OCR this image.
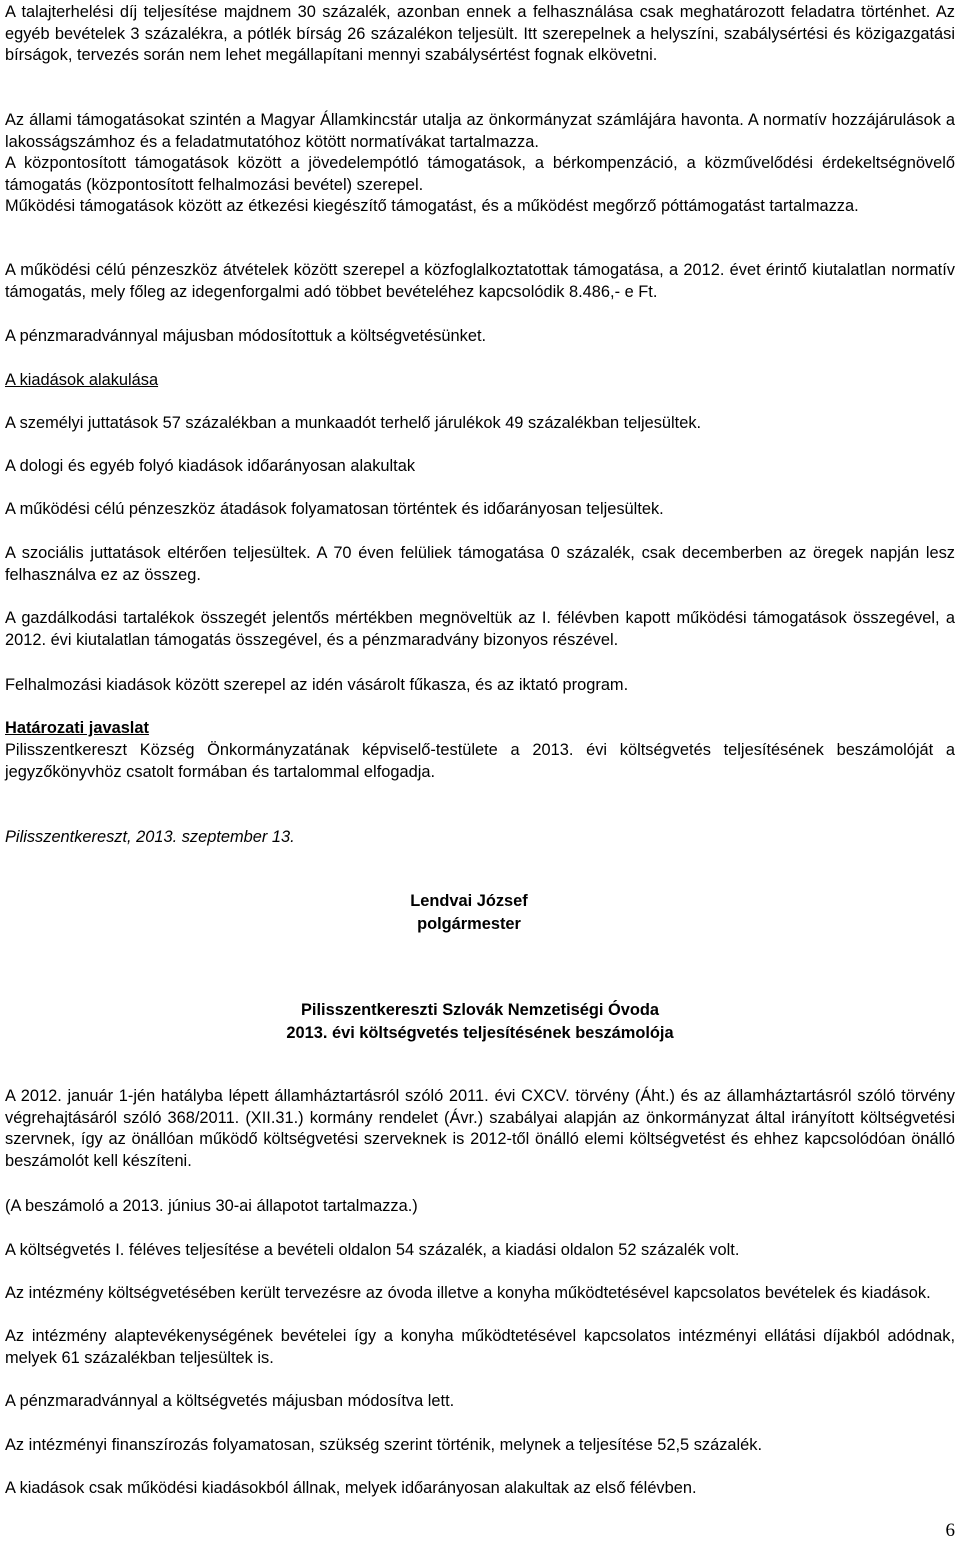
A talajterhelési díj teljesítése majdnem 30 százalék, azonban ennek a felhasználása csak meghatározott feladatra történhet. Az egyéb bevételek 3 százalékra, a pótlék bírság 26 százalékon teljesült. Itt szerepelnek a helyszíni, szabálysértési és közigazgatási bírságok, tervezés során nem lehet megállapítani mennyi szabálysértést fognak elkövetni.

Az állami támogatásokat szintén a Magyar Államkincstár utalja az önkormányzat számlájára havonta. A normatív hozzájárulások a lakosságszámhoz és a feladatmutatóhoz kötött normatívákat tartalmazza.

A központosított támogatások között a jövedelempótló támogatások, a bérkompenzáció, a közművelődési érdekeltségnövelő támogatás (központosított felhalmozási bevétel) szerepel.

Működési támogatások között az étkezési kiegészítő támogatást, és a működést megőrző póttámogatást tartalmazza.

A működési célú pénzeszköz átvételek között szerepel a közfoglalkoztatottak támogatása, a 2012. évet érintő kiutalatlan normatív támogatás, mely főleg az idegenforgalmi adó többet bevételéhez kapcsolódik 8.486,- e Ft.

A pénzmaradvánnyal májusban módosítottuk a költségvetésünket.

A kiadások alakulása

A személyi juttatások 57 százalékban a munkaadót terhelő járulékok 49 százalékban teljesültek.

A dologi és egyéb folyó kiadások időarányosan alakultak

A működési célú pénzeszköz átadások folyamatosan történtek és időarányosan teljesültek.

A szociális juttatások eltérően teljesültek. A 70 éven felüliek támogatása 0 százalék, csak decemberben az öregek napján lesz felhasználva ez az összeg.

A gazdálkodási tartalékok összegét jelentős mértékben megnöveltük az I. félévben kapott működési támogatások összegével, a 2012. évi kiutalatlan támogatás összegével, és a pénzmaradvány bizonyos részével.

Felhalmozási kiadások között szerepel az idén vásárolt fűkasza, és az iktató program.

Határozati javaslat

Pilisszentkereszt Község Önkormányzatának képviselő-testülete a 2013. évi költségvetés teljesítésének beszámolóját a jegyzőkönyvhöz csatolt formában és tartalommal elfogadja.

Pilisszentkereszt, 2013. szeptember 13.

Lendvai József
polgármester
Pilisszentkereszti Szlovák Nemzetiségi Óvoda
2013. évi költségvetés teljesítésének beszámolója

A 2012. január 1-jén hatályba lépett államháztartásról szóló 2011. évi CXCV. törvény (Áht.) és az államháztartásról szóló törvény végrehajtásáról szóló 368/2011. (XII.31.) kormány rendelet (Ávr.) szabályai alapján az önkormányzat által irányított költségvetési szervnek, így az önállóan működő költségvetési szerveknek is 2012-től önálló elemi költségvetést és ehhez kapcsolódóan önálló beszámolót kell készíteni.

(A beszámoló a 2013. június 30-ai állapotot tartalmazza.)

A költségvetés I. féléves teljesítése a bevételi oldalon 54 százalék, a kiadási oldalon 52 százalék volt.

Az intézmény költségvetésében került tervezésre az óvoda illetve a konyha működtetésével kapcsolatos bevételek és kiadások.

Az intézmény alaptevékenységének bevételei így a konyha működtetésével kapcsolatos intézményi ellátási díjakból adódnak, melyek 61 százalékban teljesültek is.

A pénzmaradvánnyal a költségvetés májusban módosítva lett.

Az intézményi finanszírozás folyamatosan, szükség szerint történik, melynek a teljesítése 52,5 százalék.

A kiadások csak működési kiadásokból állnak, melyek időarányosan alakultak az első félévben.

6
